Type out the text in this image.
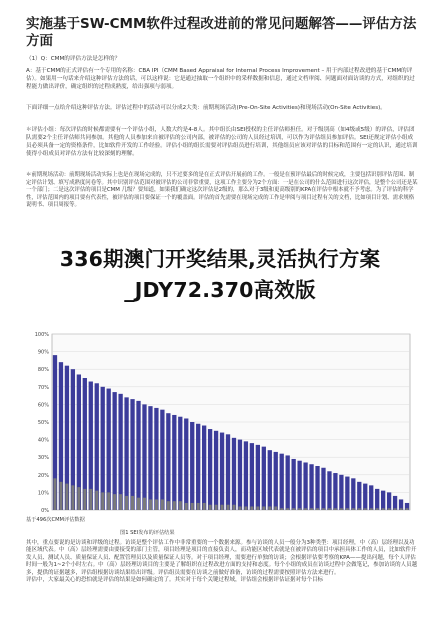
实施基于SW-CMM软件过程改进前的常见问题解答——评估方法方面
（1）Q：CMM的评估方法是怎样的？
A：基于CMM的正式评估有一个专用的名称：CBA IPI（CMM Based Appraisal for Internal Process Improvement – 用于内部过程改进的基于CMM的评估）。如果用一句话来介绍这种评估方法的话，可以这样说：它是通过抽取一个组织中的采样数据和信息，通过文档审阅、问题面对面访谈的方式，对组织的过程能力做出评价，确定组织的过程成熟度，给出强项与弱项。
下面详细一点给介绍这种评估方法。评估过程中的活动可以分成2大类：前期现场活动(Pre-On-Site Activities)和现场活动(On-Site Activities)。
＊评估小组：每次评估的时候都需要有一个评估小组，人数大约是4-8人。其中组长由SEI授权的主任评估师担任。对于级别高（如4级或5级）的评估，评估团队需要2个主任评估师共同参加。其他的人员参加来自被评估的公司内部，被评估的公司的人员经过培训，可以作为评估组员参加评估。SEI还规定评估小组成员必须具备一定的资格条件，比如软件开发的工作经验。评估小组的组长需要对评估组员进行培训，其他组员应该对评估的目标和范围有一定的认识，通过培训使得小组成员对评估方法有比较深刻的理解。
＊前期现场活动：前期现场活动实际上也是在现场完成的，只不过要多的是在正式评估开展前的工作。一般是在预评估最后的时候完成，主要包括识别评估范围、制定评估计划、填写成熟度问卷等。其中识别评估范围对被评估的公司非常重要，这项工作主要分为2个方面：一是在公司的什么范围进行这次评估，是整个公司还是某一个部门；二是这次评估的项目是CMM 几级？要知道，如果我们确定这次评估是2级的，那么对于3级和更高级别的KPA在评估中根本就不予考虑。为了评估的科学性，评估范围内的项目要有代表性，被评估的项目要保证一个的覆盖面。评估的首先需要在现场完成的工作是审阅与项目过程有关的文档，比如项目计划、需求规格说明书、项目周报等。
336期澳门开奖结果,灵活执行方案_JDY72.370高效版
0%
10%
20%
30%
40%
50%
60%
70%
80%
90%
100%
基于496次CMM评估数据
图1 SEI发布的评估结果
其中，重点要说的是访谈和评级的过程。访谈是整个评估工作中非常重要的一个数据来源。参与访谈的人员一般分为3种类型：项目经理，中（高）层经理以及功能区域代表。中（高）层经理需要由要接受的部门主管，项目经理是项目的直接负责人，而功能区域代表就是在被评估的项目中承担具体工作的人员，比如软件开发人员、测试人员、质量保证人员、配置管理员以及质量保证人员等。对于项目经理，需要进行单独的访谈；会根据评估要考察的KPA——提出问题，每个人评估时间一般为1~2个小时左右。中（高）层经理访谈目的主要是了解组织在过程改进方面的支持和态度。每个小组的成员在访谈过程中会做笔记，参加访谈的人员越多，提供的证据越多，评估组根据访谈结果给出评级。评估组员需要在访谈之前做好准备，访谈的过程需要按照评估方法来进行。
评估中，大家最关心的恐怕就是评估的结果是如何确定的了。其实对于每个关键过程域，评估组会根据评估证据对每个目标
